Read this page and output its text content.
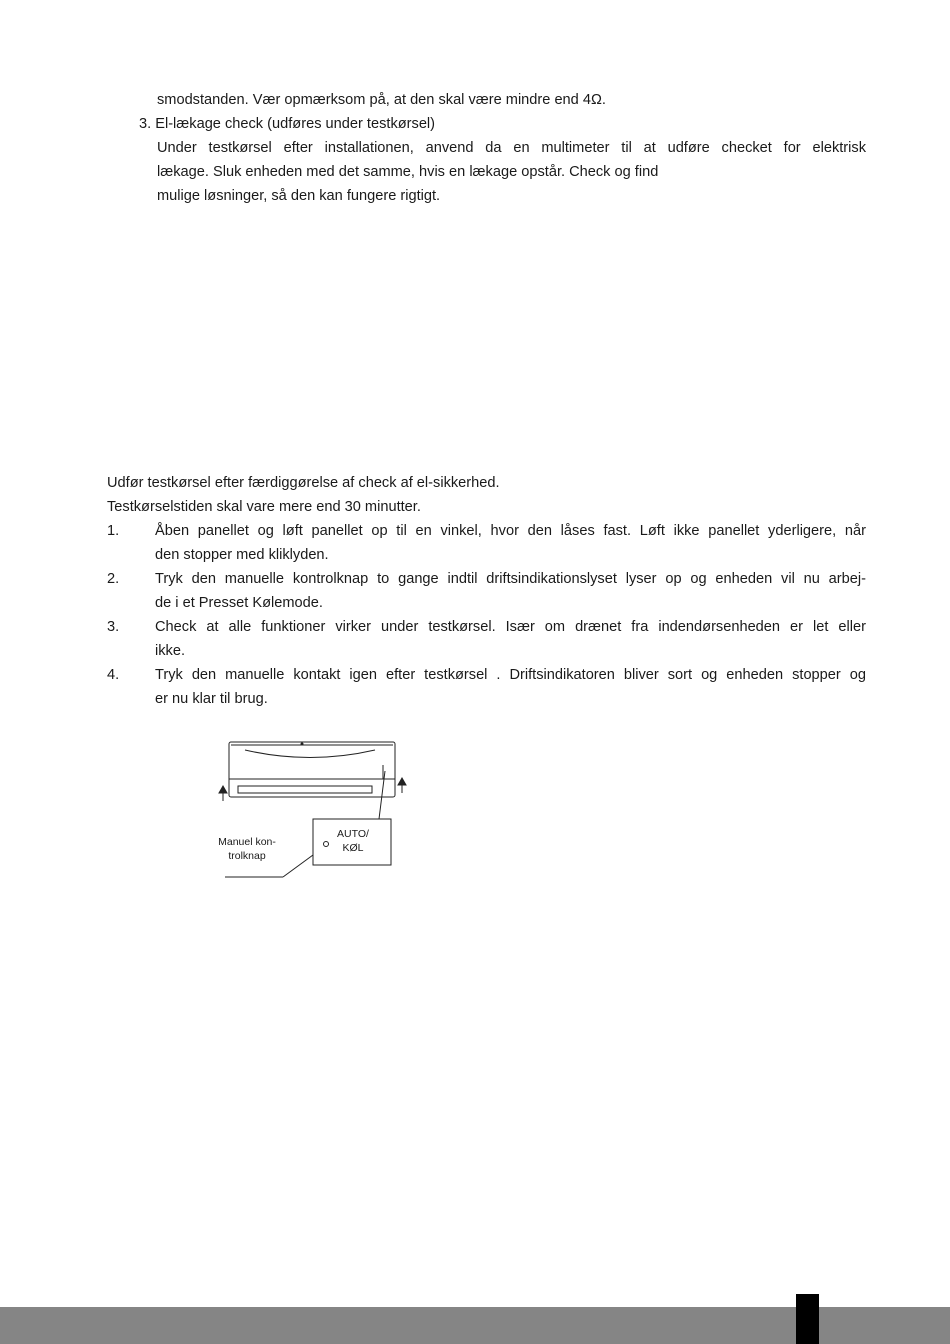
smodstanden. Vær opmærksom på, at den skal være mindre end 4Ω.
3. El-lækage check (udføres under testkørsel)
Under testkørsel efter installationen, anvend da en multimeter til at udføre checket for elektrisk
lækage. Sluk enheden med det samme, hvis en lækage opstår. Check og find
mulige løsninger, så den kan fungere rigtigt.
Udfør testkørsel efter færdiggørelse af check af el-sikkerhed.
Testkørselstiden skal vare mere end 30 minutter.
1. Åben panellet og løft panellet op til en vinkel, hvor den låses fast. Løft ikke panellet yderligere, når
den stopper med kliklyden.
2. Tryk den manuelle kontrolknap to gange indtil driftsindikationslyset lyser op og enheden vil nu arbej-
de i et Presset Kølemode.
3. Check at alle funktioner virker under testkørsel. Især om drænet fra indendørsenheden er let eller
ikke.
4. Tryk den manuelle kontakt igen efter testkørsel . Driftsindikatoren bliver sort og enheden stopper og
er nu klar til brug.
Manuel kon-
trolknap
AUTO/
KØL
